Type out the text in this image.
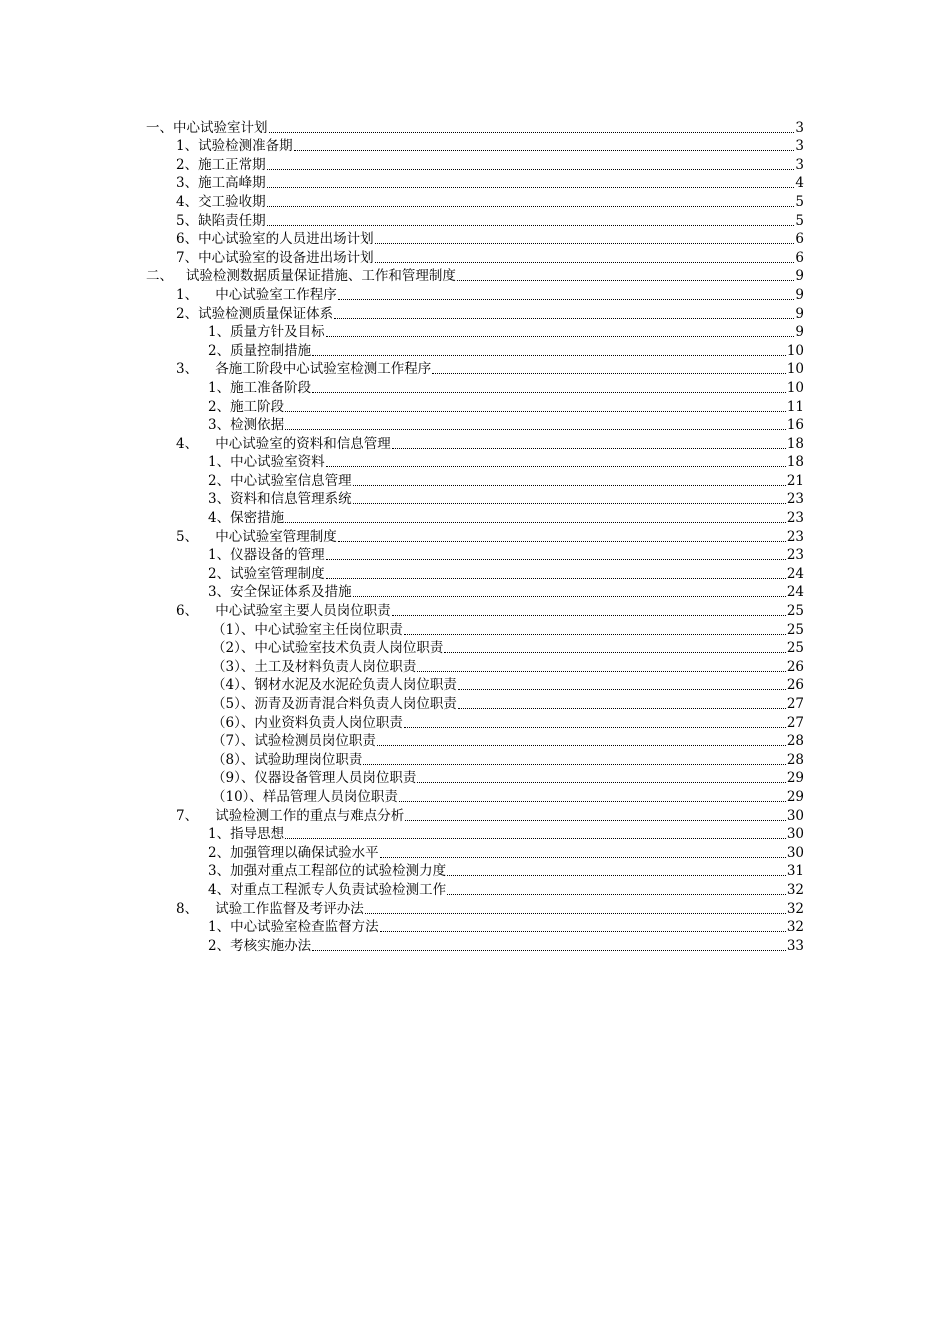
一、中心试验室计划	3
1、试验检测准备期	3
2、施工正常期	3
3、施工高峰期	4
4、交工验收期	5
5、缺陷责任期	5
6、中心试验室的人员进出场计划	6
7、中心试验室的设备进出场计划	6
二、   试验检测数据质量保证措施、工作和管理制度	9
1、    中心试验室工作程序	9
2、试验检测质量保证体系	9
1、质量方针及目标	9
2、质量控制措施	10
3、    各施工阶段中心试验室检测工作程序	10
1、施工准备阶段	10
2、施工阶段	11
3、检测依据	16
4、    中心试验室的资料和信息管理	18
1、中心试验室资料	18
2、中心试验室信息管理	21
3、资料和信息管理系统	23
4、保密措施	23
5、    中心试验室管理制度	23
1、仪器设备的管理	23
2、试验室管理制度	24
3、安全保证体系及措施	24
6、    中心试验室主要人员岗位职责	25
（1）、中心试验室主任岗位职责	25
（2）、中心试验室技术负责人岗位职责	25
（3）、土工及材料负责人岗位职责	26
（4）、钢材水泥及水泥砼负责人岗位职责	26
（5）、沥青及沥青混合料负责人岗位职责	27
（6）、内业资料负责人岗位职责	27
（7）、试验检测员岗位职责	28
（8）、试验助理岗位职责	28
（9）、仪器设备管理人员岗位职责	29
（10）、样品管理人员岗位职责	29
7、    试验检测工作的重点与难点分析	30
1、指导思想	30
2、加强管理以确保试验水平	30
3、加强对重点工程部位的试验检测力度	31
4、对重点工程派专人负责试验检测工作	32
8、    试验工作监督及考评办法	32
1、中心试验室检查监督方法	32
2、考核实施办法	33
